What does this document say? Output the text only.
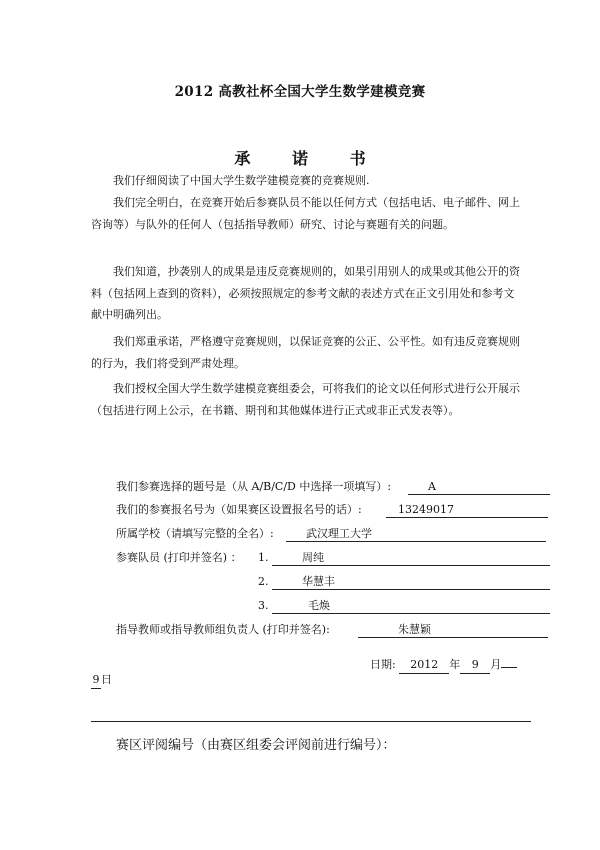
2012 高教社杯全国大学生数学建模竞赛
承 诺 书

我们仔细阅读了中国大学生数学建模竞赛的竞赛规则.

我们完全明白，在竞赛开始后参赛队员不能以任何方式（包括电话、电子邮件、网上咨询等）与队外的任何人（包括指导教师）研究、讨论与赛题有关的问题。

我们知道，抄袭别人的成果是违反竞赛规则的，如果引用别人的成果或其他公开的资料（包括网上查到的资料），必须按照规定的参考文献的表述方式在正文引用处和参考文献中明确列出。

我们郑重承诺，严格遵守竞赛规则，以保证竞赛的公正、公平性。如有违反竞赛规则的行为，我们将受到严肃处理。

我们授权全国大学生数学建模竞赛组委会，可将我们的论文以任何形式进行公开展示（包括进行网上公示，在书籍、期刊和其他媒体进行正式或非正式发表等）。

我们参赛选择的题号是（从 A/B/C/D 中选择一项填写）:	A
我们的参赛报名号为（如果赛区设置报名号的话）:	13249017
所属学校（请填写完整的全名）:	武汉理工大学
参赛队员 (打印并签名) ： 1.	周纯
2.	华慧丰
3.	毛焕
指导教师或指导教师组负责人 (打印并签名):	朱慧颖
日期: 2012 年 9 月
9 日
赛区评阅编号（由赛区组委会评阅前进行编号）：
